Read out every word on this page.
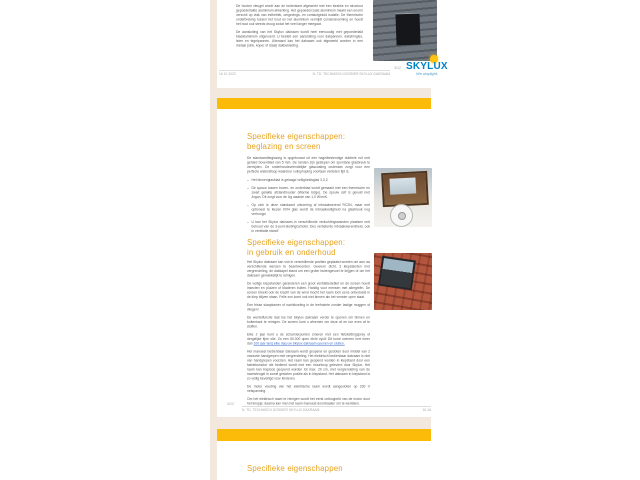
De houten vleugel wordt aan de buitenkant afgewerkt met een strakke en structuur gepoederlakte aluminium afwerking. Het gepoedercoate aluminium maakt een enorm verschil op vlak van esthetiek, omgevings- en contactgeluid isolatie. De thermische onderbreking tussen het hout en het aluminium vermijdt condensvorming en houdt het hout ook steeds droog zodat het veel langer meegaat.

De aansluiting van het Skylux dakraam wordt heel eenvoudig met gepoederlakt bladaluminium uitgevoerd. U bestelt een aansluiting voor dakpannen, dakshingles, leien en tegelpannen. Uiteraard kan het dakraam ook afgewerkt worden in een metaal (zink, koper of staal) dakbekleding.

16 10 2022	N. TD. TECHNISCH DOSSIER SKYLUX DAKRAAM
3/12 SKYLUX
We daylight.
Specifieke eigenschappen:
beglazing en screen

De standaardbeglazing is opgebouwd uit een hagelbestendige dubbele ruit met gehard bovenblad van 5 mm. De randen zijn geslepen om spontane glasbreuk te vermijden. De onderhoudsvriendelijke glascoating onderaan zorgt voor een perfecte waterafloop waardoor vuilophoping voortaan verleden tijd is.

– Het binnenglasblad is gelaagd veiligheidsglas 3.3.2.
– De spouw tussen boven- en onderblad wordt gemaakt met een thermische en zwart gelakte afstandhouder (Warme Edge). De spouw zelf is gevuld met Argon. Dit zorgt voor de Ug waarde van 1,0 W/m²K.
– Op zich is deze standaard uitvoering al inbraakwerend RC2N, maar met optioneel te kiezen KR4 glas wordt de inbraakveiligheid na glasbreuk nog verhoogd.
– U kan het Skylux dakraam in verschillende verluchtingsstanden plaatsen met behoud van de 3-punt-sluiting/schotel. Dus verbeterde inbraakwerendheid, ook in ventilatie stand!
Specifieke eigenschappen:
in gebruik en onderhoud

Het Skylux dakraam kan vlot in verschillende posities geplaatst worden om aan uw verschillende wensen te beantwoorden. Gewoon dicht, 3 kiepstanden met vergrendeling, de dakkapel stand om een groter buitengevoel te krijgen of om het dakraam gemakkelijk te reinigen.

De veilige kiepstanden garanderen een groot ventilatiedebiet en de screen houdt insecten en pluizen of bladeren buiten. Handig voor mensen met allergieën. De screen breekt ook de kracht van de wind mocht het raam toch eens onbedoeld in de kiep blijven staan. Felle zon komt ook niet binnen als het venster open staat.

Een frisse slaapkamer of nachtkoeling in de leefruimte zonder lastige muggen of vliegen!

De wentelfunctie laat toe het Skylux dakraam verder te openen om binnen en buitenkant te reinigen. De screen kunt u afnemen om deze af en toe even af te stoffen.

Elke 2 jaar kunt u de scharnierpunten smeren met een fietskettingspray of dergelijke fijne olie. Zo een 50.000 open dicht cycli! Dit komt overeen met meer dan 100 jaar lang elke dag uw Skylux dakraam openen en sluiten.

Het manueel bedienbaar dakraam wordt geopend en gesloten door middel van 2 manuele handgrepen met vergrendeling. Het elektrisch bedienbaar dakraam is niet van handgrepen voorzien. Het raam kan geopend worden in kiepstand door een fabrieksmotor die bediend wordt met een muurknop geleverd door Skylux. Het raam kan traploos geopend worden tot max. 20 cm, met vergrendeling van de raamvleugel in zowel gesloten positie als in kiepstand. Het dakraam in kiepstand is zo veilig beveiligd voor kinderen.

De motor voeding van het elektrische raam wordt aangesloten op 230 V netspanning.

Om het elektrisch raam te reinigen wordt het eerst ontkoppeld van de motor door het knopje; daarna kan men het raam manueel doordraaien om te wentelen.

4/12
N. TD. TECHNISCH DOSSIER SKYLUX DAKRAAM	10-16
Specifieke eigenschappen
